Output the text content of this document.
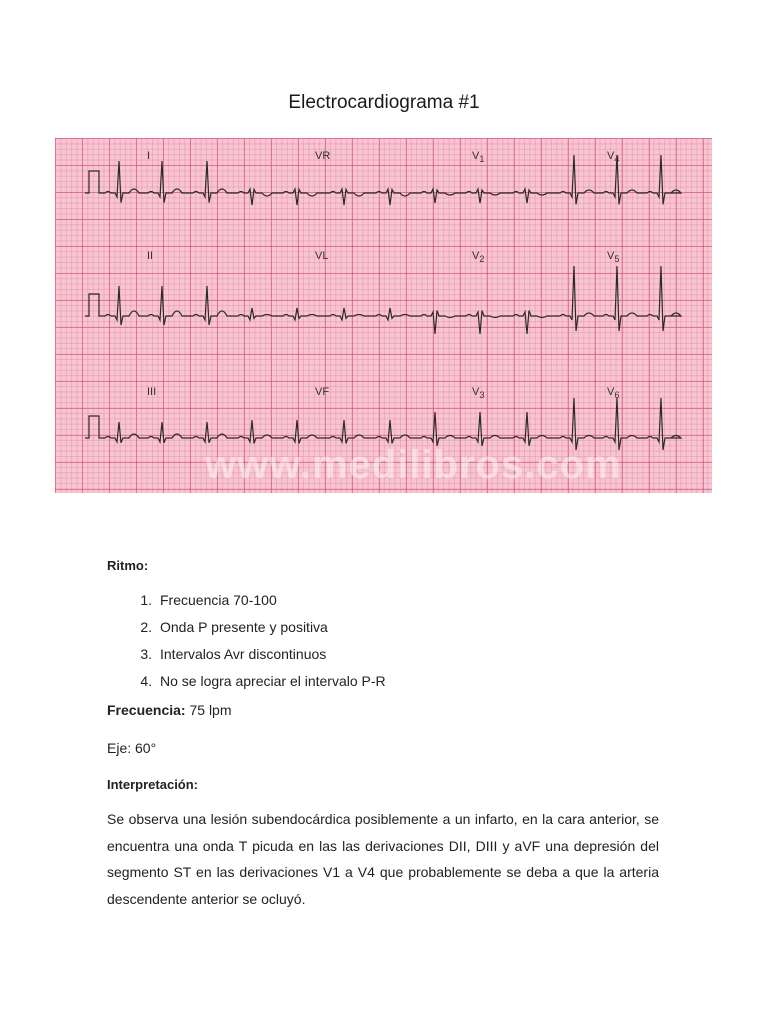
Electrocardiograma #1
I	VR	$V_1$	$V_4$
II	VL	$V_2$	$V_5$
III	VF	$V_3$	$V_6$
www.medilibros.com
Ritmo:
1. Frecuencia 70-100
2. Onda P presente y positiva
3. Intervalos Avr discontinuos
4. No se logra apreciar el intervalo P-R
Frecuencia: 75 lpm
Eje: 60°
Interpretación:
Se observa una lesión subendocárdica posiblemente a un infarto, en la cara anterior, se encuentra una onda T picuda en las las derivaciones DII, DIII y aVF una depresión del segmento ST en las derivaciones V1 a V4 que probablemente se deba a que la arteria descendente anterior se ocluyó.
